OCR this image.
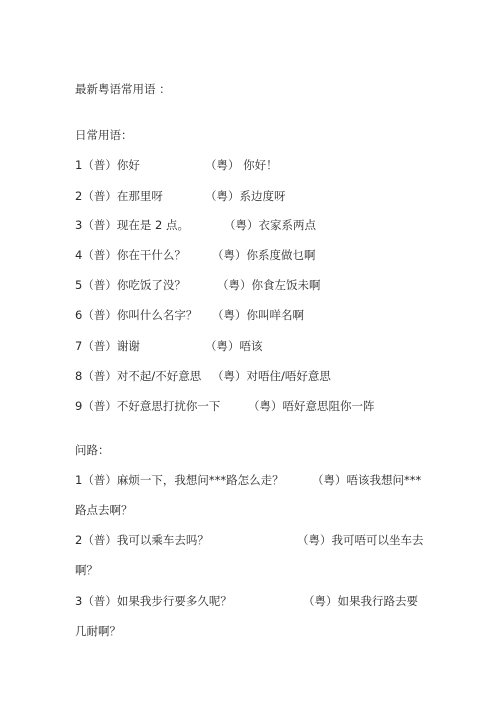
最新粤语常用语 ：
日常用语：
1（普）你好	（粤） 你好！
2（普）在那里呀	（粤）系边度呀
3（普）现在是 2 点。	（粤）衣家系两点
4（普）你在干什么？ （粤）你系度做乜啊
5（普）你吃饭了没？	（粤）你食左饭未啊
6（普）你叫什么名字？ （粤）你叫咩名啊
7（普）谢谢	（粤）唔该
8（普）对不起/不好意思 （粤）对唔住/唔好意思
9（普）不好意思打扰你一下 （粤）唔好意思阻你一阵
问路：
1（普）麻烦一下，我想问***路怎么走？ （粤）唔该我想问***
路点去啊？
2（普）我可以乘车去吗？	（粤）我可唔可以坐车去
啊？
3（普）如果我步行要多久呢？	（粤）如果我行路去要
几耐啊？
